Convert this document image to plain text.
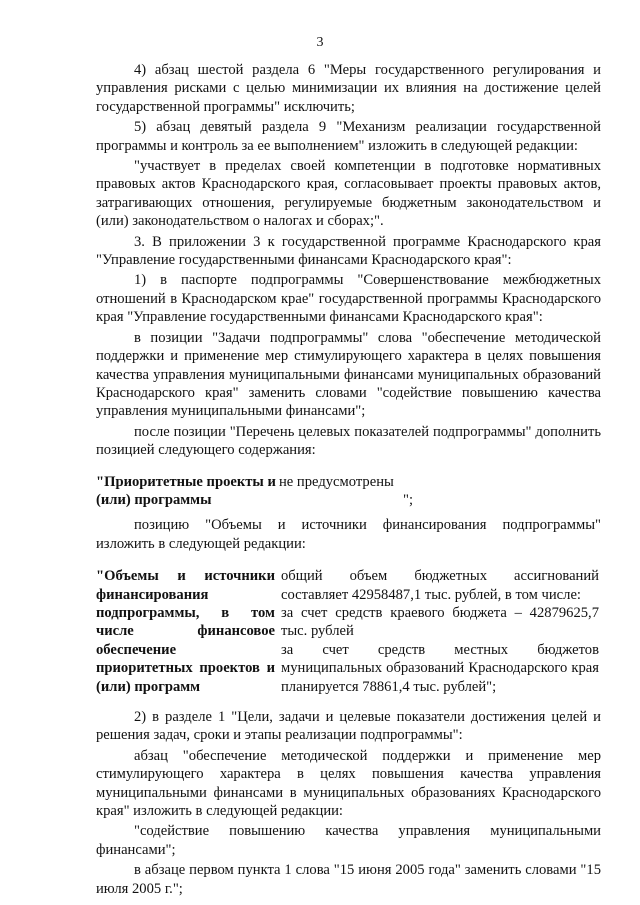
3

4) абзац шестой раздела 6 "Меры государственного регулирования и управления рисками с целью минимизации их влияния на достижение целей государственной программы" исключить;

5) абзац девятый раздела 9 "Механизм реализации государственной программы и контроль за ее выполнением" изложить в следующей редакции:

"участвует в пределах своей компетенции в подготовке нормативных правовых актов Краснодарского края, согласовывает проекты правовых актов, затрагивающих отношения, регулируемые бюджетным законодательством и (или) законодательством о налогах и сборах;".

3. В приложении 3 к государственной программе Краснодарского края "Управление государственными финансами Краснодарского края":

1) в паспорте подпрограммы "Совершенствование межбюджетных отношений в Краснодарском крае" государственной программы Краснодарского края "Управление государственными финансами Краснодарского края":

в позиции "Задачи подпрограммы" слова "обеспечение методической поддержки и применение мер стимулирующего характера в целях повышения качества управления муниципальными финансами муниципальных образований Краснодарского края" заменить словами "содействие повышению качества управления муниципальными финансами";

после позиции "Перечень целевых показателей подпрограммы" дополнить позицией следующего содержания:

"Приоритетные проекты и (или) программы
не предусмотрены
";

позицию "Объемы и источники финансирования подпрограммы" изложить в следующей редакции:

"Объемы и источники финансирования подпрограммы, в том числе финансовое обеспечение приоритетных проектов и (или) программ

общий объем бюджетных ассигнований составляет 42958487,1 тыс. рублей, в том числе:

за счет средств краевого бюджета – 42879625,7 тыс. рублей

за счет средств местных бюджетов муниципальных образований Краснодарского края планируется 78861,4 тыс. рублей";

2) в разделе 1 "Цели, задачи и целевые показатели достижения целей и решения задач, сроки и этапы реализации подпрограммы":

абзац "обеспечение методической поддержки и применение мер стимулирующего характера в целях повышения качества управления муниципальными финансами в муниципальных образованиях Краснодарского края" изложить в следующей редакции:

"содействие повышению качества управления муниципальными финансами";

в абзаце первом пункта 1 слова "15 июня 2005 года" заменить словами "15 июля 2005 г.";
